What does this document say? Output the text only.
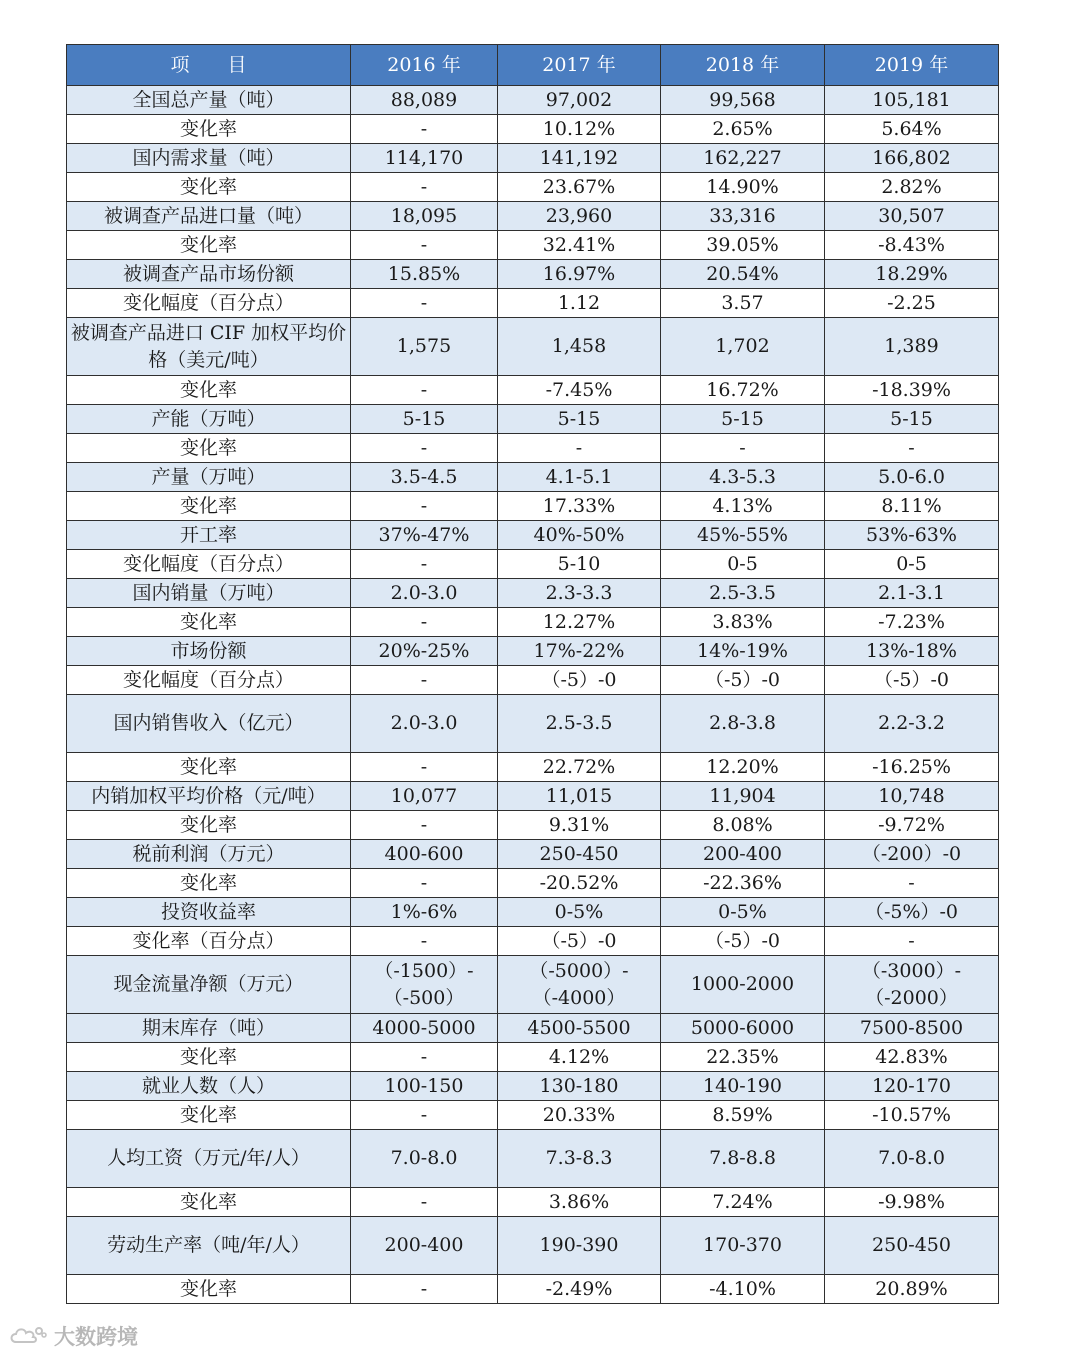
项　　目	2016 年	2017 年	2018 年	2019 年
全国总产量（吨）	88,089	97,002	99,568	105,181
变化率	-	10.12%	2.65%	5.64%
国内需求量（吨）	114,170	141,192	162,227	166,802
变化率	-	23.67%	14.90%	2.82%
被调查产品进口量（吨）	18,095	23,960	33,316	30,507
变化率	-	32.41%	39.05%	-8.43%
被调查产品市场份额	15.85%	16.97%	20.54%	18.29%
变化幅度（百分点）	-	1.12	3.57	-2.25
被调查产品进口 CIF 加权平均价格（美元/吨）	1,575	1,458	1,702	1,389
变化率	-	-7.45%	16.72%	-18.39%
产能（万吨）	5-15	5-15	5-15	5-15
变化率	-	-	-	-
产量（万吨）	3.5-4.5	4.1-5.1	4.3-5.3	5.0-6.0
变化率	-	17.33%	4.13%	8.11%
开工率	37%-47%	40%-50%	45%-55%	53%-63%
变化幅度（百分点）	-	5-10	0-5	0-5
国内销量（万吨）	2.0-3.0	2.3-3.3	2.5-3.5	2.1-3.1
变化率	-	12.27%	3.83%	-7.23%
市场份额	20%-25%	17%-22%	14%-19%	13%-18%
变化幅度（百分点）	-	（-5）-0	（-5）-0	（-5）-0
国内销售收入（亿元）	2.0-3.0	2.5-3.5	2.8-3.8	2.2-3.2
变化率	-	22.72%	12.20%	-16.25%
内销加权平均价格（元/吨）	10,077	11,015	11,904	10,748
变化率	-	9.31%	8.08%	-9.72%
税前利润（万元）	400-600	250-450	200-400	（-200）-0
变化率	-	-20.52%	-22.36%	-
投资收益率	1%-6%	0-5%	0-5%	（-5%）-0
变化率（百分点）	-	（-5）-0	（-5）-0	-
现金流量净额（万元）	（-1500）-（-500）	（-5000）-（-4000）	1000-2000	（-3000）-（-2000）
期末库存（吨）	4000-5000	4500-5500	5000-6000	7500-8500
变化率	-	4.12%	22.35%	42.83%
就业人数（人）	100-150	130-180	140-190	120-170
变化率	-	20.33%	8.59%	-10.57%
人均工资（万元/年/人）	7.0-8.0	7.3-8.3	7.8-8.8	7.0-8.0
变化率	-	3.86%	7.24%	-9.98%
劳动生产率（吨/年/人）	200-400	190-390	170-370	250-450
变化率	-	-2.49%	-4.10%	20.89%
大数跨境
